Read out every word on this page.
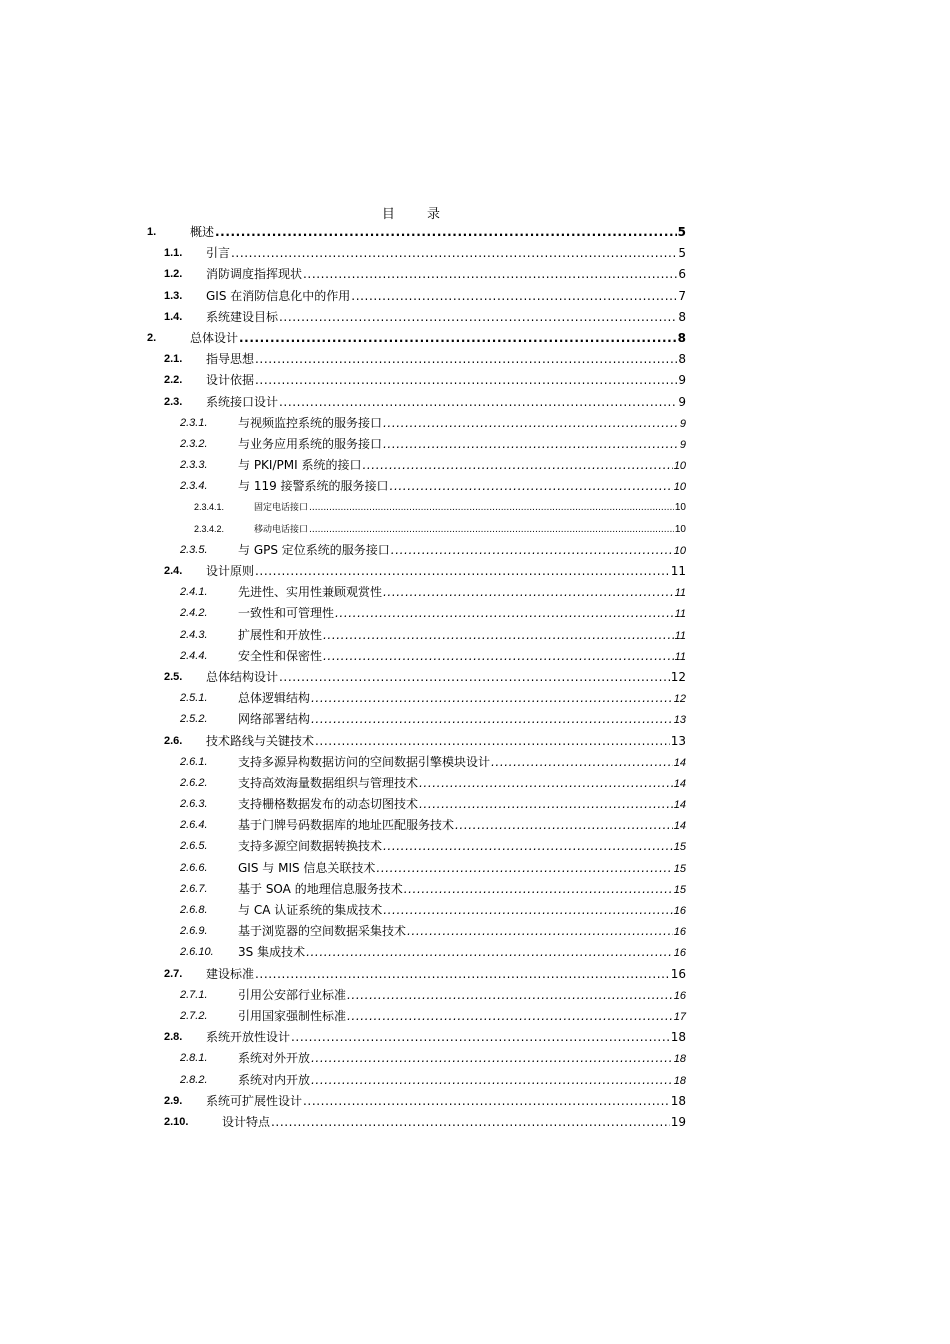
目 录
1.	概述 .....	5
1.1. 引言 .....	5
1.2. 消防调度指挥现状 .....	6
1.3. GIS 在消防信息化中的作用 .....	7
1.4. 系统建设目标 .....	8
2.	总体设计 .....	8
2.1. 指导思想 .....	8
2.2. 设计依据 .....	9
2.3. 系统接口设计 .....	9
2.3.1.	与视频监控系统的服务接口 .....	9
2.3.2.	与业务应用系统的服务接口 .....	9
2.3.3.	与 PKI/PMI 系统的接口 .....	10
2.3.4.	与 119 接警系统的服务接口 .....	10
2.3.4.1.	固定电话接口 .....	10
2.3.4.2.	移动电话接口 .....	10
2.3.5.	与 GPS 定位系统的服务接口 .....	10
2.4. 设计原则 .....	11
2.4.1.	先进性、实用性兼顾观赏性 .....	11
2.4.2.	一致性和可管理性 .....	11
2.4.3.	扩展性和开放性 .....	11
2.4.4.	安全性和保密性 .....	11
2.5. 总体结构设计 .....	12
2.5.1.	总体逻辑结构 .....	12
2.5.2.	网络部署结构 .....	13
2.6. 技术路线与关键技术 .....	13
2.6.1.	支持多源异构数据访问的空间数据引擎模块设计 .....	14
2.6.2.	支持高效海量数据组织与管理技术 .....	14
2.6.3.	支持栅格数据发布的动态切图技术 .....	14
2.6.4.	基于门牌号码数据库的地址匹配服务技术 .....	14
2.6.5.	支持多源空间数据转换技术 .....	15
2.6.6.	GIS 与 MIS 信息关联技术 .....	15
2.6.7.	基于 SOA 的地理信息服务技术 .....	15
2.6.8.	与 CA 认证系统的集成技术 .....	16
2.6.9.	基于浏览器的空间数据采集技术 .....	16
2.6.10. 3S 集成技术 .....	16
2.7. 建设标准 .....	16
2.7.1.	引用公安部行业标准 .....	16
2.7.2.	引用国家强制性标准 .....	17
2.8. 系统开放性设计 .....	18
2.8.1.	系统对外开放 .....	18
2.8.2.	系统对内开放 .....	18
2.9. 系统可扩展性设计 .....	18
2.10.	设计特点 .....	19
